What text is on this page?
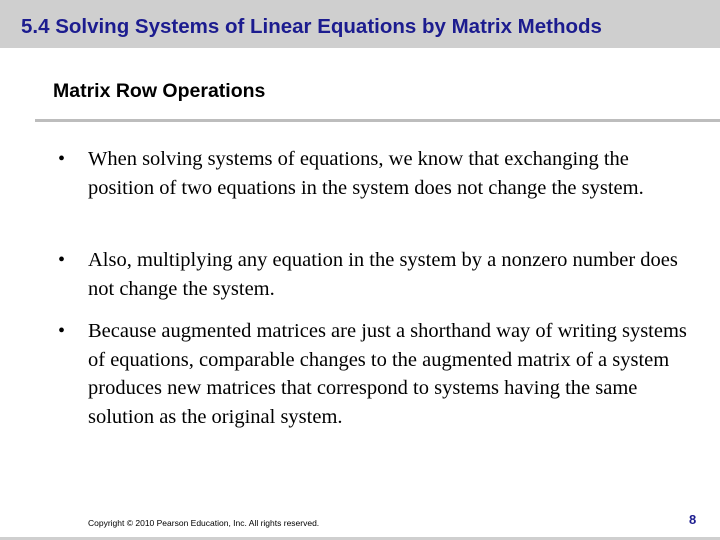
5.4 Solving Systems of Linear Equations by Matrix Methods
Matrix Row Operations
• When solving systems of equations, we know that exchanging the position of two equations in the system does not change the system.
• Also, multiplying any equation in the system by a nonzero number does not change the system.
• Because augmented matrices are just a shorthand way of writing systems of equations, comparable changes to the augmented matrix of a system produces new matrices that correspond to systems having the same solution as the original system.
Copyright © 2010 Pearson Education, Inc. All rights reserved.	8
